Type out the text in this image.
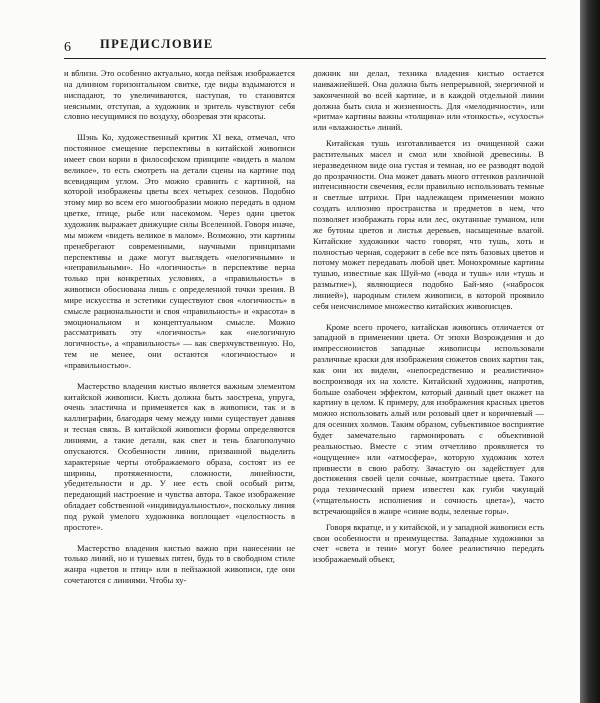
6 ПРЕДИСЛОВИЕ

и вблизи. Это особенно актуально, когда пейзаж изображается на длинном горизонтальном свитке, где виды вздымаются и ниспадают, то увеличиваются, наступая, то становятся неясными, отступая, а художник и зритель чувствуют себя словно несущимися по воздуху, обозревая эти красоты.

Шэнь Ко, художественный критик XI века, отмечал, что постоянное смещение перспективы в китайской живописи имеет свои корни в философском принципе «видеть в малом великое», то есть смотреть на детали сцены на картине под всевидящим углом. Это можно сравнить с картиной, на которой изображены цветы всех четырех сезонов. Подобно этому мир во всем его многообразии можно передать в одном цветке, птице, рыбе или насекомом. Через один цветок художник выражает движущие силы Вселенной. Говоря иначе, мы можем «видеть великое в малом». Возможно, эти картины пренебрегают современными, научными принципами перспективы и даже могут выглядеть «нелогичными» и «неправильными». Но «логичность» в перспективе верна только при конкретных условиях, а «правильность» в живописи обоснована лишь с определенной точки зрения. В мире искусства и эстетики существуют своя «логичность» в смысле рациональности и своя «правильность» и «красота» в эмоциональном и концептуальном смысле. Можно рассматривать эту «логичность» как «нелогичную логичность», а «правильность» — как сверхчувственную. Но, тем не менее, они остаются «логичностью» и «правильностью».

Мастерство владения кистью является важным элементом китайской живописи. Кисть должна быть заострена, упруга, очень эластична и применяется как в живописи, так и в каллиграфии, благодаря чему между ними существует давняя и тесная связь. В китайской живописи формы определяются линиями, а такие детали, как свет и тень благополучно опускаются. Особенности линии, призванной выделить характерные черты отображаемого образа, состоят из ее ширины, протяженности, сложности, линейности, убедительности и др. У нее есть свой особый ритм, передающий настроение и чувства автора. Такое изображение обладает собственной «индивидуальностью», поскольку линия под рукой умелого художника воплощает «целостность в простоте».

Мастерство владения кистью важно при нанесении не только линий, но и тушевых пятен, будь то в свободном стиле жанра «цветов и птиц» или в пейзажной живописи, где они сочетаются с линиями. Чтобы ху-

дожник ни делал, техника владения кистью остается наиважнейшей. Она должна быть непрерывной, энергичной и законченной во всей картине, и в каждой отдельной линии должна быть сила и жизненность. Для «мелодичности», или «ритма» картины важны «толщина» или «тонкость», «сухость» или «влажность» линий.

Китайская тушь изготавливается из очищенной сажи растительных масел и смол или хвойной древесины. В неразведенном виде она густая и темная, но ее разводят водой до прозрачности. Она может давать много оттенков различной интенсивности свечения, если правильно использовать темные и светлые штрихи. При надлежащем применении можно создать иллюзию пространства и предметов в нем, что позволяет изображать горы или лес, окутанные туманом, или же бутоны цветов и листья деревьев, насыщенные влагой. Китайские художники часто говорят, что тушь, хоть и полностью черная, содержит в себе все пять базовых цветов и потому может передавать любой цвет. Монохромные картины тушью, известные как Шуй-мо («вода и тушь» или «тушь и размытие»), являющиеся подобно Бай-мяо («набросок линией»), народным стилем живописи, в которой проявило себя неисчислимое множество китайских живописцев.

Кроме всего прочего, китайская живопись отличается от западной в применении цвета. От эпохи Возрождения и до импрессионистов западные живописцы использовали различные краски для изображения сюжетов своих картин так, как они их видели, «непосредственно и реалистично» воспроизводя их на холсте. Китайский художник, напротив, больше озабочен эффектом, который данный цвет окажет на картину в целом. К примеру, для изображения красных цветов можно использовать алый или розовый цвет и коричневый — для осенних холмов. Таким образом, субъективное восприятие будет замечательно гармонировать с объективной реальностью. Вместе с этим отчетливо проявляется то «ощущение» или «атмосфера», которую художник хотел привнести в свою работу. Зачастую он задействует для достижения своей цели сочные, контрастные цвета. Такого рода технический прием известен как гунби чжунцай («тщательность исполнения и сочность цвета»), часто встречающийся в жанре «синие воды, зеленые горы».

Говоря вкратце, и у китайской, и у западной живописи есть свои особенности и преимущества. Западные художники за счет «света и тени» могут более реалистично передать изображаемый объект,
